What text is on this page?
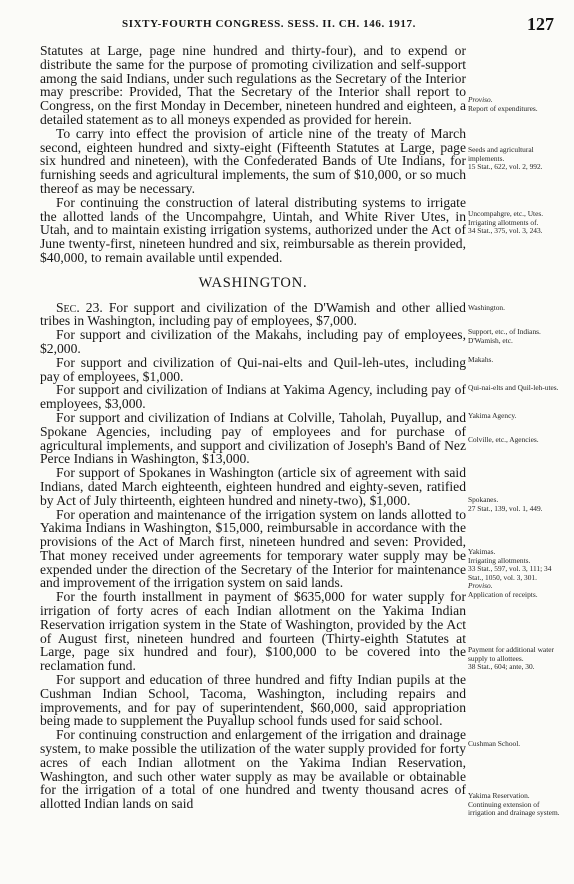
SIXTY-FOURTH CONGRESS. SESS. II. CH. 146. 1917.	127

Statutes at Large, page nine hundred and thirty-four), and to expend or distribute the same for the purpose of promoting civilization and self-support among the said Indians, under such regulations as the Secretary of the Interior may prescribe: Provided, That the Secretary of the Interior shall report to Congress, on the first Monday in December, nineteen hundred and eighteen, a detailed statement as to all moneys expended as provided for herein.

To carry into effect the provision of article nine of the treaty of March second, eighteen hundred and sixty-eight (Fifteenth Statutes at Large, page six hundred and nineteen), with the Confederated Bands of Ute Indians, for furnishing seeds and agricultural implements, the sum of $10,000, or so much thereof as may be necessary.

For continuing the construction of lateral distributing systems to irrigate the allotted lands of the Uncompahgre, Uintah, and White River Utes, in Utah, and to maintain existing irrigation systems, authorized under the Act of June twenty-first, nineteen hundred and six, reimbursable as therein provided, $40,000, to remain available until expended.

WASHINGTON.

Sec. 23. For support and civilization of the D'Wamish and other allied tribes in Washington, including pay of employees, $7,000.

For support and civilization of the Makahs, including pay of employees, $2,000.

For support and civilization of Qui-nai-elts and Quil-leh-utes, including pay of employees, $1,000.

For support and civilization of Indians at Yakima Agency, including pay of employees, $3,000.

For support and civilization of Indians at Colville, Taholah, Puyallup, and Spokane Agencies, including pay of employees and for purchase of agricultural implements, and support and civilization of Joseph's Band of Nez Perce Indians in Washington, $13,000.

For support of Spokanes in Washington (article six of agreement with said Indians, dated March eighteenth, eighteen hundred and eighty-seven, ratified by Act of July thirteenth, eighteen hundred and ninety-two), $1,000.

For operation and maintenance of the irrigation system on lands allotted to Yakima Indians in Washington, $15,000, reimbursable in accordance with the provisions of the Act of March first, nineteen hundred and seven: Provided, That money received under agreements for temporary water supply may be expended under the direction of the Secretary of the Interior for maintenance and improvement of the irrigation system on said lands.

For the fourth installment in payment of $635,000 for water supply for irrigation of forty acres of each Indian allotment on the Yakima Indian Reservation irrigation system in the State of Washington, provided by the Act of August first, nineteen hundred and fourteen (Thirty-eighth Statutes at Large, page six hundred and four), $100,000 to be covered into the reclamation fund.

For support and education of three hundred and fifty Indian pupils at the Cushman Indian School, Tacoma, Washington, including repairs and improvements, and for pay of superintendent, $60,000, said appropriation being made to supplement the Puyallup school funds used for said school.

For continuing construction and enlargement of the irrigation and drainage system, to make possible the utilization of the water supply provided for forty acres of each Indian allotment on the Yakima Indian Reservation, Washington, and such other water supply as may be available or obtainable for the irrigation of a total of one hundred and twenty thousand acres of allotted Indian lands on said

Proviso.
Report of expenditures.
Seeds and agricultural implements.
15 Stat., 622, vol. 2, 992.
Uncompahgre, etc., Utes.
Irrigating allotments of.
34 Stat., 375, vol. 3, 243.
Washington.
Support, etc., of Indians.
D'Wamish, etc.
Makahs.
Qui-nai-elts and Quil-leh-utes.
Yakima Agency.
Colville, etc., Agencies.
Spokanes.
27 Stat., 139, vol. 1, 449.
Yakimas.
Irrigating allotments.
33 Stat., 597, vol. 3, 111; 34 Stat., 1050, vol. 3, 301.
Proviso.
Application of receipts.
Payment for additional water supply to allottees.
38 Stat., 604; ante, 30.
Cushman School.
Yakima Reservation.
Continuing extension of irrigation and drainage system.
